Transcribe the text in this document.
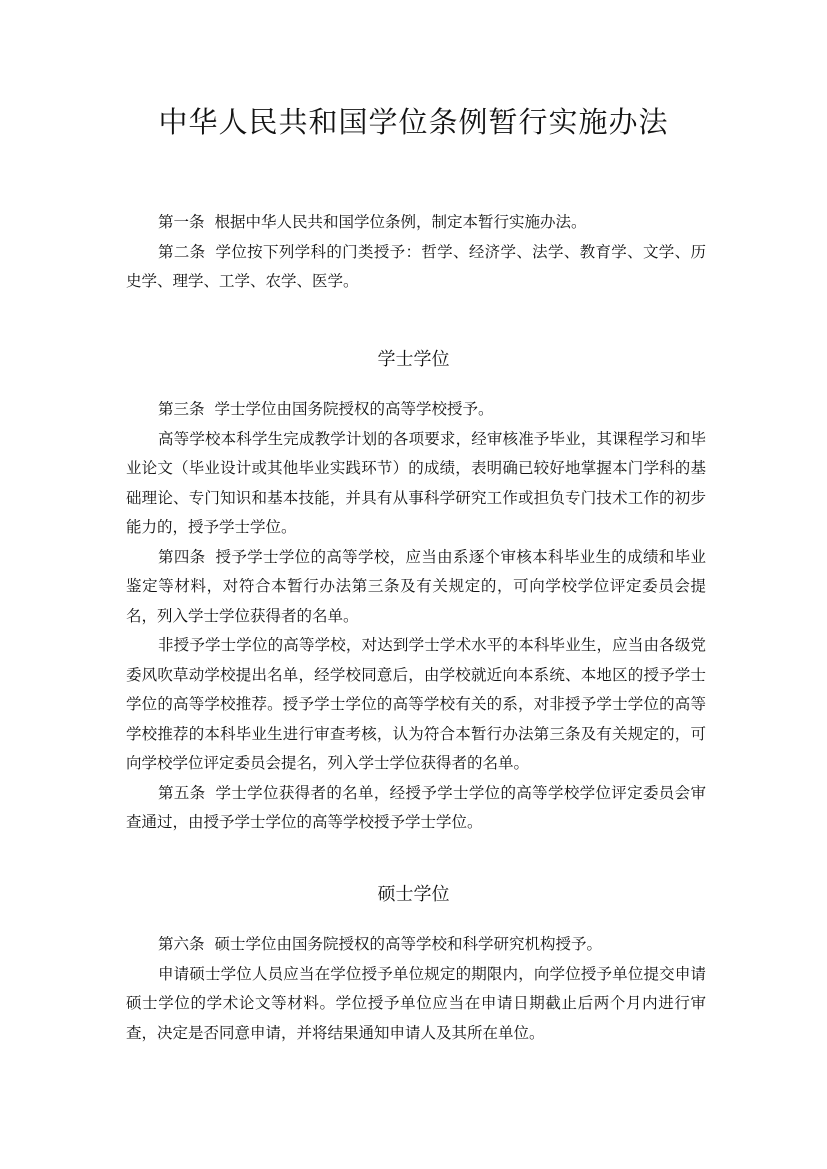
中华人民共和国学位条例暂行实施办法

第一条 根据中华人民共和国学位条例，制定本暂行实施办法。

第二条 学位按下列学科的门类授予：哲学、经济学、法学、教育学、文学、历史学、理学、工学、农学、医学。

学士学位

第三条 学士学位由国务院授权的高等学校授予。

高等学校本科学生完成教学计划的各项要求，经审核准予毕业，其课程学习和毕业论文（毕业设计或其他毕业实践环节）的成绩，表明确已较好地掌握本门学科的基础理论、专门知识和基本技能，并具有从事科学研究工作或担负专门技术工作的初步能力的，授予学士学位。

第四条 授予学士学位的高等学校，应当由系逐个审核本科毕业生的成绩和毕业鉴定等材料，对符合本暂行办法第三条及有关规定的，可向学校学位评定委员会提名，列入学士学位获得者的名单。

非授予学士学位的高等学校，对达到学士学术水平的本科毕业生，应当由各级党委风吹草动学校提出名单，经学校同意后，由学校就近向本系统、本地区的授予学士学位的高等学校推荐。授予学士学位的高等学校有关的系，对非授予学士学位的高等学校推荐的本科毕业生进行审查考核，认为符合本暂行办法第三条及有关规定的，可向学校学位评定委员会提名，列入学士学位获得者的名单。

第五条 学士学位获得者的名单，经授予学士学位的高等学校学位评定委员会审查通过，由授予学士学位的高等学校授予学士学位。

硕士学位

第六条 硕士学位由国务院授权的高等学校和科学研究机构授予。

申请硕士学位人员应当在学位授予单位规定的期限内，向学位授予单位提交申请硕士学位的学术论文等材料。学位授予单位应当在申请日期截止后两个月内进行审查，决定是否同意申请，并将结果通知申请人及其所在单位。
